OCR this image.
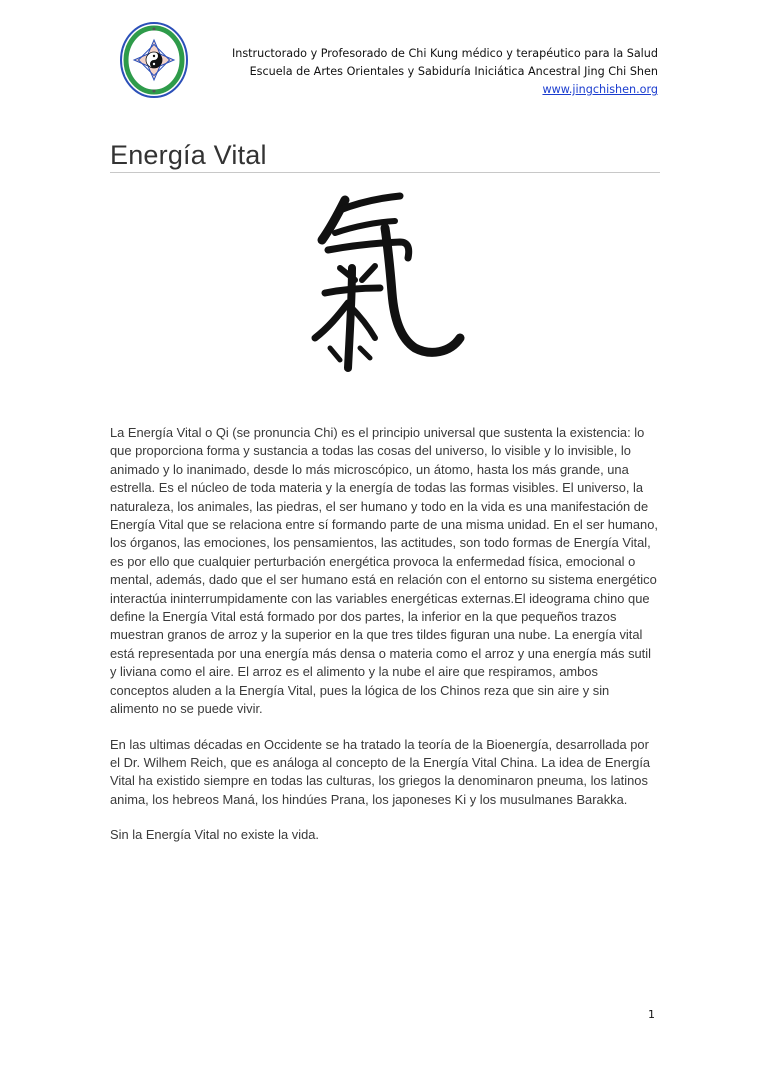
Instructorado y Profesorado de Chi Kung médico y terapéutico para la Salud
Escuela de Artes Orientales y Sabiduría Iniciática Ancestral Jing Chi Shen
www.jingchishen.org
Energía Vital

La Energía Vital o Qi (se pronuncia Chi) es el principio universal que sustenta la existencia: lo que proporciona forma y sustancia a todas las cosas del universo, lo visible y lo invisible, lo animado y lo inanimado, desde lo más microscópico, un átomo, hasta los más grande, una estrella. Es el núcleo de toda materia y la energía de todas las formas visibles. El universo, la naturaleza, los animales, las piedras, el ser humano y todo en la vida es una manifestación de Energía Vital que se relaciona entre sí formando parte de una misma unidad. En el ser humano, los órganos, las emociones, los pensamientos, las actitudes, son todo formas de Energía Vital, es por ello que cualquier perturbación energética provoca la enfermedad física, emocional o mental, además, dado que el ser humano está en relación con el entorno su sistema energético interactúa ininterrumpidamente con las variables energéticas externas.El ideograma chino que define la Energía Vital está formado por dos partes, la inferior en la que pequeños trazos muestran granos de arroz y la superior en la que tres tildes figuran una nube. La energía vital está representada por una energía más densa o materia como el arroz y una energía más sutil y liviana como el aire. El arroz es el alimento y la nube el aire que respiramos, ambos conceptos aluden a la Energía Vital, pues la lógica de los Chinos reza que sin aire y sin alimento no se puede vivir.

En las ultimas décadas en Occidente se ha tratado la teoría de la Bioenergía, desarrollada por el Dr. Wilhem Reich, que es análoga al concepto de la Energía Vital China. La idea de Energía Vital ha existido siempre en todas las culturas, los griegos la denominaron pneuma, los latinos anima, los hebreos Maná, los hindúes Prana, los japoneses Ki y los musulmanes Barakka.

Sin la Energía Vital no existe la vida.

1
